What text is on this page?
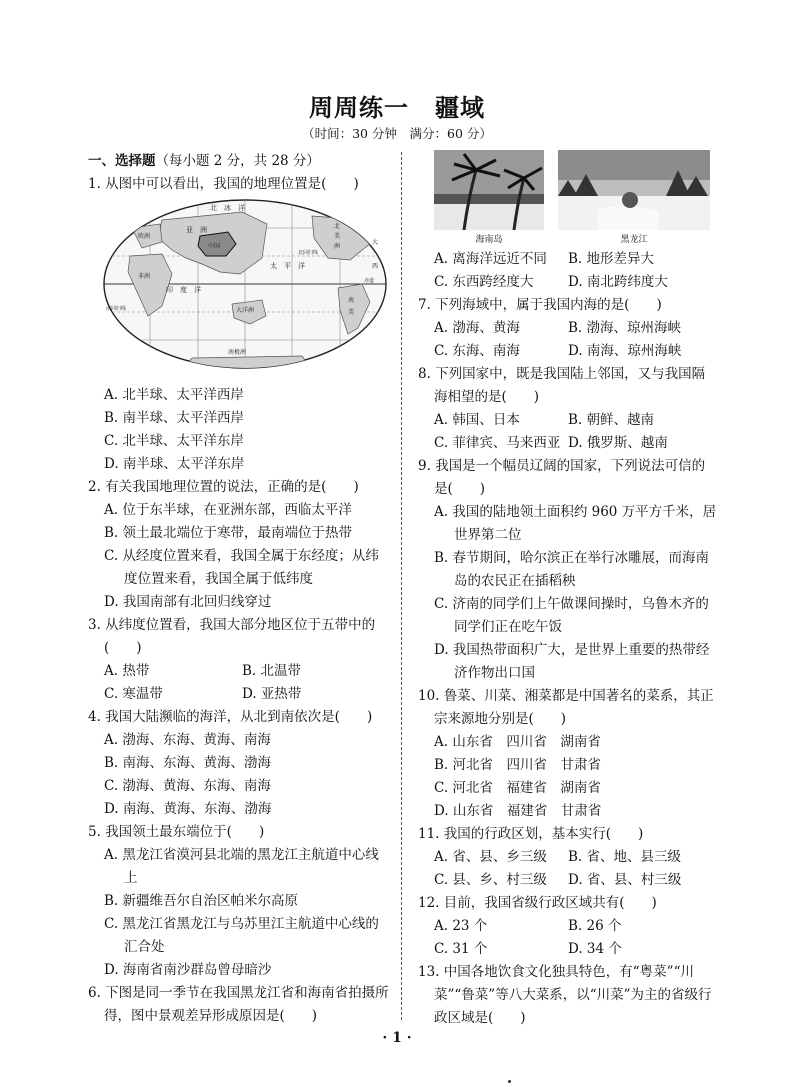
周周练一 疆域
（时间：30 分钟　满分：60 分）
一、选择题（每小题 2 分，共 28 分）
1. 从图中可以看出，我国的地理位置是(　　)
北　冰　洋
亚　洲
欧洲
非洲
中国
北
美
洲
大
西
太　平　洋
北回归线
印　度　洋
大洋洲
南
美
南极洲
南回归线
赤道
A. 北半球、太平洋西岸
B. 南半球、太平洋西岸
C. 北半球、太平洋东岸
D. 南半球、太平洋东岸
2. 有关我国地理位置的说法，正确的是(　　)
A. 位于东半球，在亚洲东部，西临太平洋
B. 领土最北端位于寒带，最南端位于热带
C. 从经度位置来看，我国全属于东经度；从纬度位置来看，我国全属于低纬度
D. 我国南部有北回归线穿过
3. 从纬度位置看，我国大部分地区位于五带中的(　　)
A. 热带	B. 北温带
C. 寒温带	D. 亚热带
4. 我国大陆濒临的海洋，从北到南依次是(　　)
A. 渤海、东海、黄海、南海
B. 南海、东海、黄海、渤海
C. 渤海、黄海、东海、南海
D. 南海、黄海、东海、渤海
5. 我国领土最东端位于(　　)
A. 黑龙江省漠河县北端的黑龙江主航道中心线上
B. 新疆维吾尔自治区帕米尔高原
C. 黑龙江省黑龙江与乌苏里江主航道中心线的汇合处
D. 海南省南沙群岛曾母暗沙
6. 下图是同一季节在我国黑龙江省和海南省拍摄所得，图中景观差异形成原因是(　　)
海南岛	黑龙江
A. 离海洋远近不同	B. 地形差异大
C. 东西跨经度大	D. 南北跨纬度大
7. 下列海域中，属于我国内海的是(　　)
A. 渤海、黄海	B. 渤海、琼州海峡
C. 东海、南海	D. 南海、琼州海峡
8. 下列国家中，既是我国陆上邻国，又与我国隔海相望的是(　　)
A. 韩国、日本	B. 朝鲜、越南
C. 菲律宾、马来西亚 D. 俄罗斯、越南
9. 我国是一个幅员辽阔的国家，下列说法可信的是(　　)
A. 我国的陆地领土面积约 960 万平方千米，居世界第二位
B. 春节期间，哈尔滨正在举行冰雕展，而海南岛的农民正在插稻秧
C. 济南的同学们上午做课间操时，乌鲁木齐的同学们正在吃午饭
D. 我国热带面积广大，是世界上重要的热带经济作物出口国
10. 鲁菜、川菜、湘菜都是中国著名的菜系，其正宗来源地分别是(　　)
A. 山东省　四川省　湖南省
B. 河北省　四川省　甘肃省
C. 河北省　福建省　湖南省
D. 山东省　福建省　甘肃省
11. 我国的行政区划，基本实行(　　)
A. 省、县、乡三级	B. 省、地、县三级
C. 县、乡、村三级	D. 省、县、村三级
12. 目前，我国省级行政区域共有(　　)
A. 23 个	B. 26 个
C. 31 个	D. 34 个
13. 中国各地饮食文化独具特色，有“粤菜”“川菜”“鲁菜”等八大菜系，以“川菜”为主的省级行政区域是(　　)
· 1 ·
